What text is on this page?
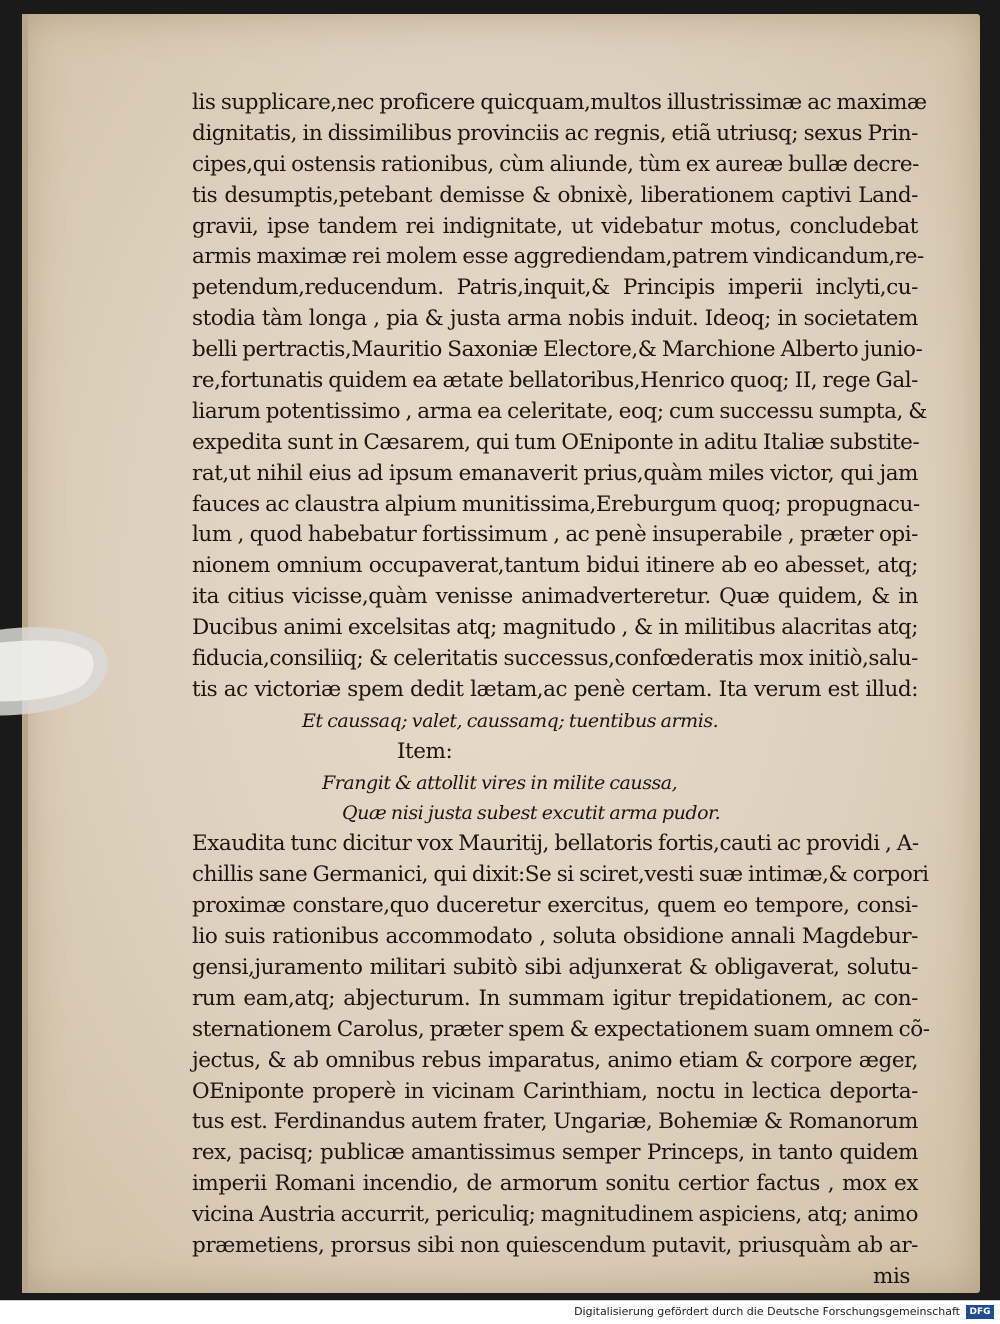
lis supplicare,nec proficere quicquam,multos illustrissimæ ac maximæ
dignitatis, in dissimilibus provinciis ac regnis, etiã utriusq; sexus Prin-
cipes,qui ostensis rationibus, cùm aliunde, tùm ex aureæ bullæ decre-
tis desumptis,petebant demisse & obnixè, liberationem captivi Land-
gravii, ipse tandem rei indignitate, ut videbatur motus, concludebat
armis maximæ rei molem esse aggrediendam,patrem vindicandum,re-
petendum,reducendum. Patris,inquit,& Principis imperii inclyti,cu-
stodia tàm longa , pia & justa arma nobis induit. Ideoq; in societatem
belli pertractis,Mauritio Saxoniæ Electore,& Marchione Alberto junio-
re,fortunatis quidem ea ætate bellatoribus,Henrico quoq; II, rege Gal-
liarum potentissimo , arma ea celeritate, eoq; cum successu sumpta, &
expedita sunt in Cæsarem, qui tum OEniponte in aditu Italiæ substite-
rat,ut nihil eius ad ipsum emanaverit prius,quàm miles victor, qui jam
fauces ac claustra alpium munitissima,Ereburgum quoq; propugnacu-
lum , quod habebatur fortissimum , ac penè insuperabile , præter opi-
nionem omnium occupaverat,tantum bidui itinere ab eo abesset, atq;
ita citius vicisse,quàm venisse animadverteretur. Quæ quidem, & in
Ducibus animi excelsitas atq; magnitudo , & in militibus alacritas atq;
fiducia,consiliiq; & celeritatis successus,confœderatis mox initiò,salu-
tis ac victoriæ spem dedit lætam,ac penè certam. Ita verum est illud:
Et caussaq; valet, caussamq; tuentibus armis.
Item:
Frangit & attollit vires in milite caussa,
Quæ nisi justa subest excutit arma pudor.
Exaudita tunc dicitur vox Mauritij, bellatoris fortis,cauti ac providi , A-
chillis sane Germanici, qui dixit:Se si sciret,vesti suæ intimæ,& corpori
proximæ constare,quo duceretur exercitus, quem eo tempore, consi-
lio suis rationibus accommodato , soluta obsidione annali Magdebur-
gensi,juramento militari subitò sibi adjunxerat & obligaverat, solutu-
rum eam,atq; abjecturum. In summam igitur trepidationem, ac con-
sternationem Carolus, præter spem & expectationem suam omnem cõ-
jectus, & ab omnibus rebus imparatus, animo etiam & corpore æger,
OEniponte properè in vicinam Carinthiam, noctu in lectica deporta-
tus est. Ferdinandus autem frater, Ungariæ, Bohemiæ & Romanorum
rex, pacisq; publicæ amantissimus semper Princeps, in tanto quidem
imperii Romani incendio, de armorum sonitu certior factus , mox ex
vicina Austria accurrit, periculiq; magnitudinem aspiciens, atq; animo
præmetiens, prorsus sibi non quiescendum putavit, priusquàm ab ar-
mis
Digitalisierung gefördert durch die Deutsche Forschungsgemeinschaft	DFG
